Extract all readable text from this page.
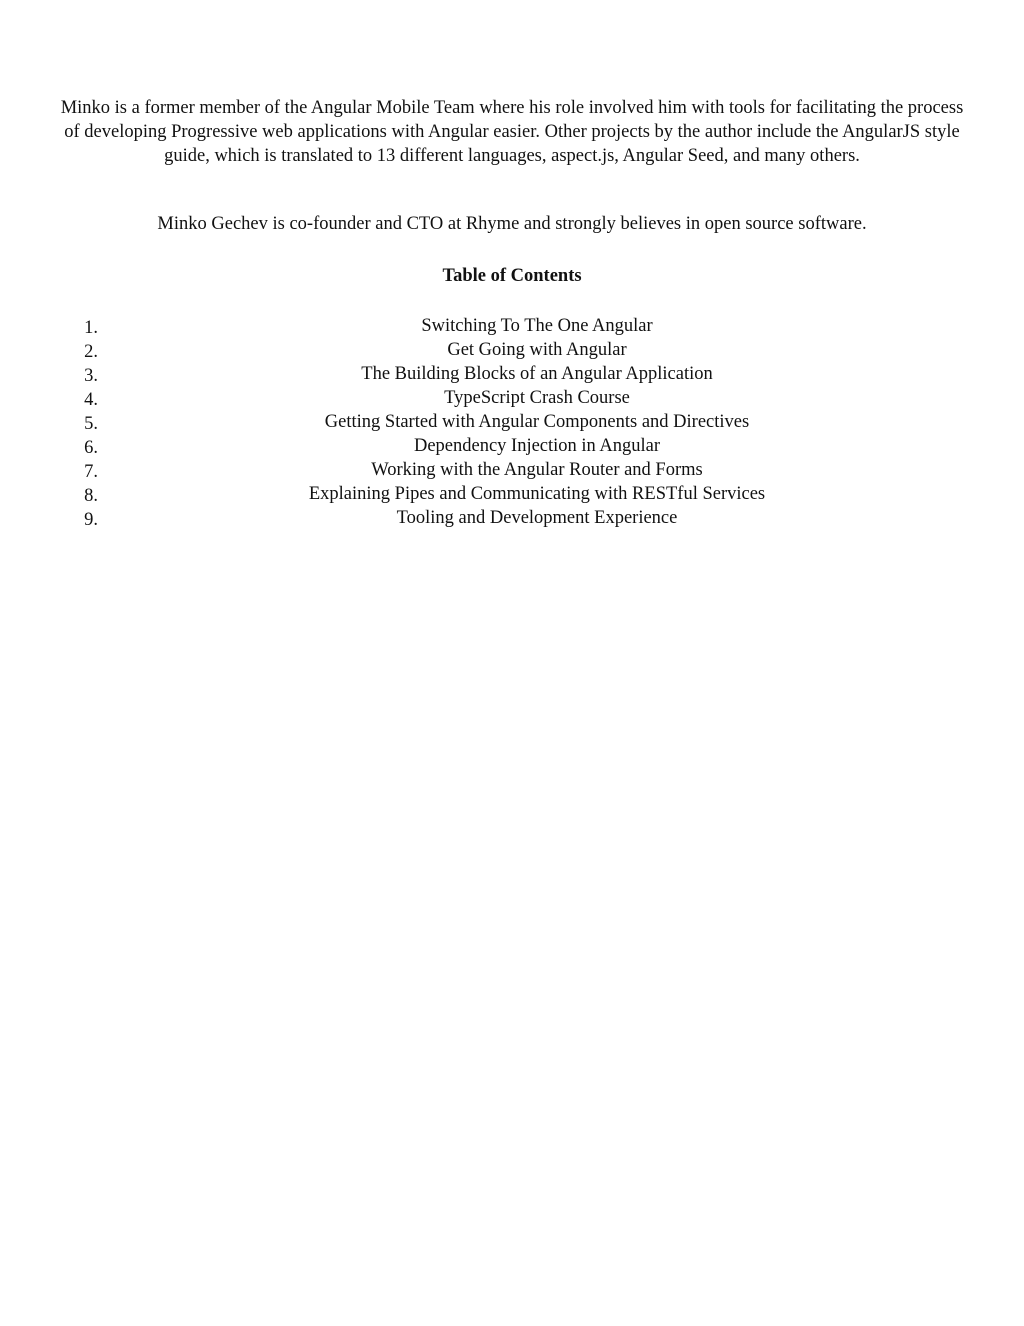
Minko is a former member of the Angular Mobile Team where his role involved him with tools for facilitating the process of developing Progressive web applications with Angular easier. Other projects by the author include the AngularJS style guide, which is translated to 13 different languages, aspect.js, Angular Seed, and many others.

Minko Gechev is co-founder and CTO at Rhyme and strongly believes in open source software.

Table of Contents
1.	Switching To The One Angular
2.	Get Going with Angular
3.	The Building Blocks of an Angular Application
4.	TypeScript Crash Course
5.	Getting Started with Angular Components and Directives
6.	Dependency Injection in Angular
7.	Working with the Angular Router and Forms
8.	Explaining Pipes and Communicating with RESTful Services
9.	Tooling and Development Experience
